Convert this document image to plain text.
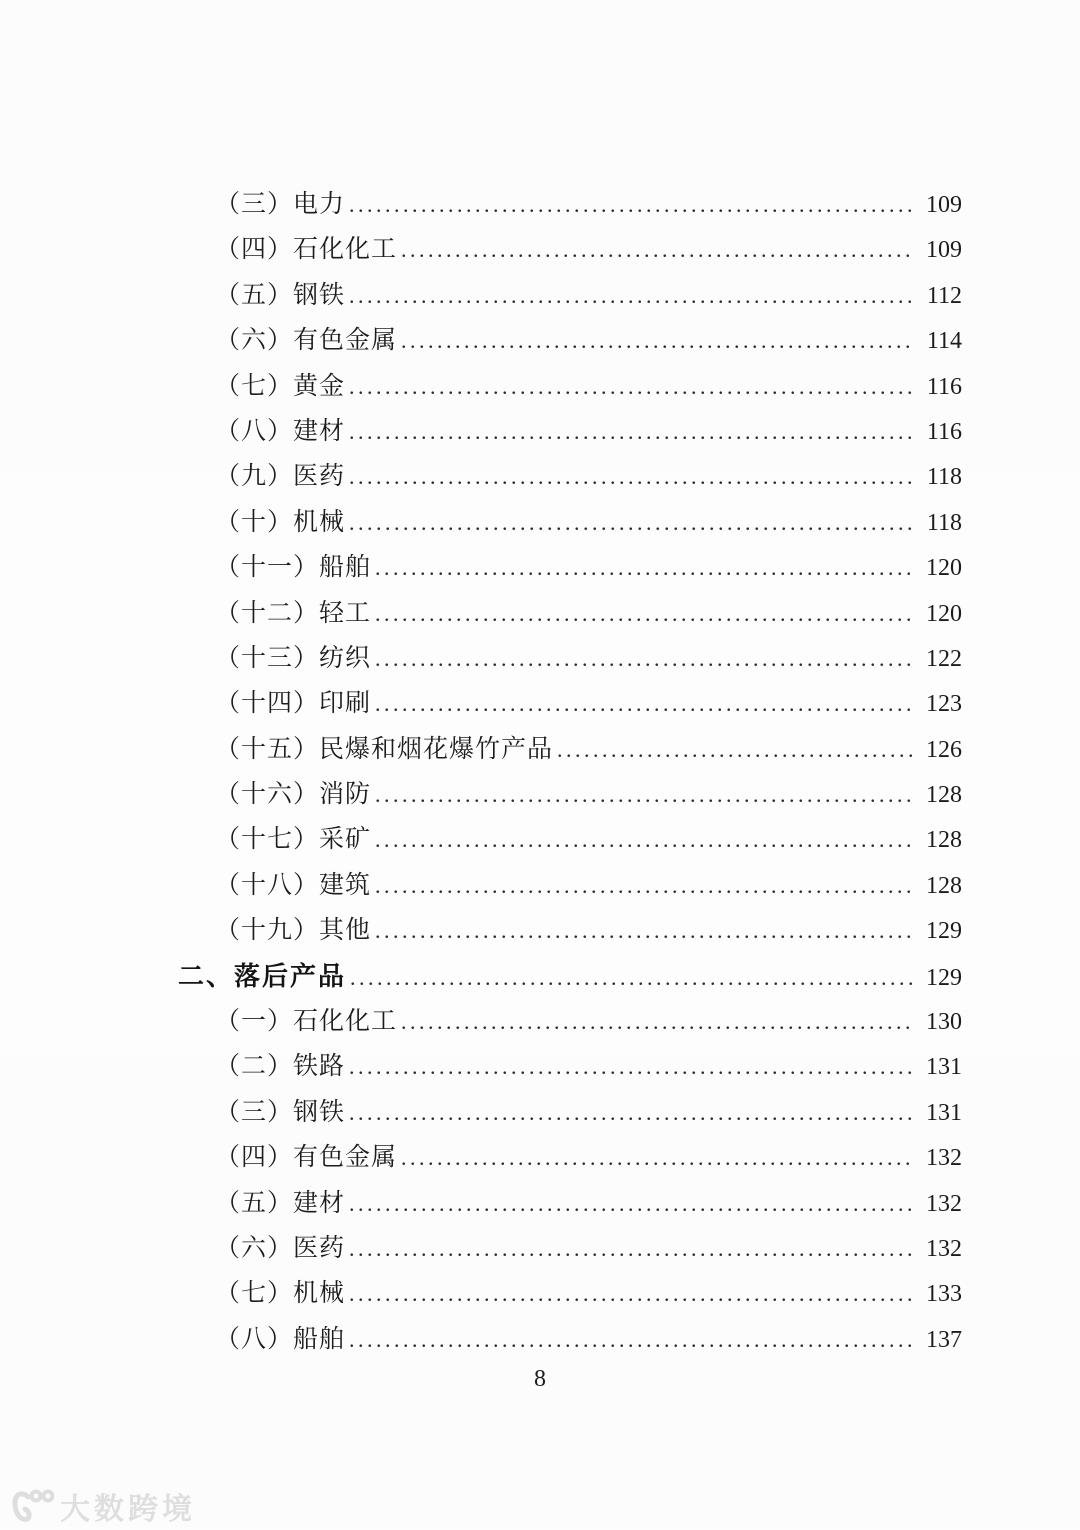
（三）电力 .....	109
（四）石化化工 .....	109
（五）钢铁 .....	112
（六）有色金属 .....	114
（七）黄金 .....	116
（八）建材 .....	116
（九）医药 .....	118
（十）机械 .....	118
（十一）船舶 .....	120
（十二）轻工 .....	120
（十三）纺织 .....	122
（十四）印刷 .....	123
（十五）民爆和烟花爆竹产品 .....	126
（十六）消防 .....	128
（十七）采矿 .....	128
（十八）建筑 .....	128
（十九）其他 .....	129
二、落后产品 .....	129
（一）石化化工 .....	130
（二）铁路 .....	131
（三）钢铁 .....	131
（四）有色金属 .....	132
（五）建材 .....	132
（六）医药 .....	132
（七）机械 .....	133
（八）船舶 .....	137
8
大数跨境
